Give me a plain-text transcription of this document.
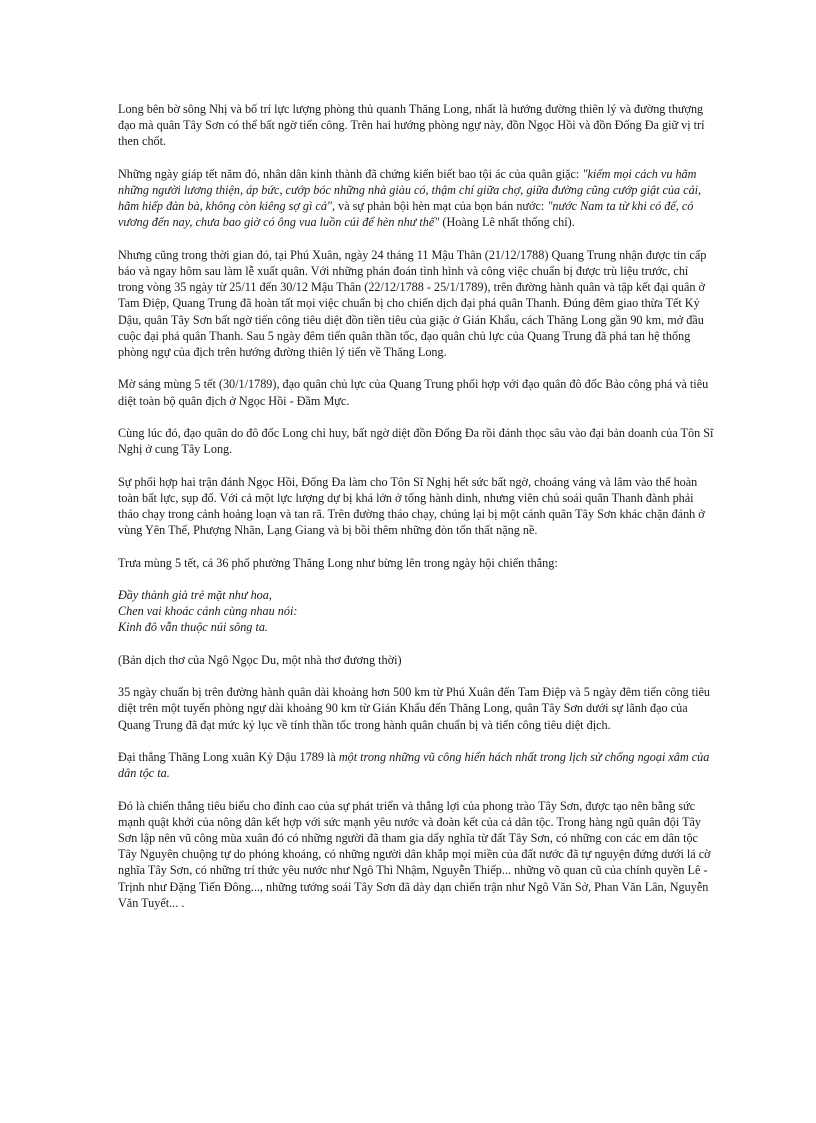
Long bên bờ sông Nhị và bố trí lực lượng phòng thủ quanh Thăng Long, nhất là hướng đường thiên lý và đường thượng đạo mà quân Tây Sơn có thể bất ngờ tiến công. Trên hai hướng phòng ngự này, đồn Ngọc Hồi và đồn Đống Đa giữ vị trí then chốt.

Những ngày giáp tết năm đó, nhân dân kinh thành đã chứng kiến biết bao tội ác của quân giặc: "kiếm mọi cách vu hãm những người lương thiện, áp bức, cướp bóc những nhà giàu có, thậm chí giữa chợ, giữa đường cũng cướp giật của cải, hãm hiếp đàn bà, không còn kiêng sợ gì cả", và sự phản bội hèn mạt của bọn bán nước: "nước Nam ta từ khi có đế, có vương đến nay, chưa bao giờ có ông vua luồn cúi để hèn như thế" (Hoàng Lê nhất thống chí).

Nhưng cũng trong thời gian đó, tại Phú Xuân, ngày 24 tháng 11 Mậu Thân (21/12/1788) Quang Trung nhận được tin cấp báo và ngay hôm sau làm lễ xuất quân. Với những phán đoán tình hình và công việc chuẩn bị được trù liệu trước, chỉ trong vòng 35 ngày từ 25/11 đến 30/12 Mậu Thân (22/12/1788 - 25/1/1789), trên đường hành quân và tập kết đại quân ở Tam Điệp, Quang Trung đã hoàn tất mọi việc chuẩn bị cho chiến dịch đại phá quân Thanh. Đúng đêm giao thừa Tết Kỷ Dậu, quân Tây Sơn bất ngờ tiến công tiêu diệt đồn tiền tiêu của giặc ở Gián Khẩu, cách Thăng Long gần 90 km, mở đầu cuộc đại phá quân Thanh. Sau 5 ngày đêm tiến quân thần tốc, đạo quân chủ lực của Quang Trung đã phá tan hệ thống phòng ngự của địch trên hướng đường thiên lý tiến về Thăng Long.

Mờ sáng mùng 5 tết (30/1/1789), đạo quân chủ lực của Quang Trung phối hợp với đạo quân đô đốc Bảo công phá và tiêu diệt toàn bộ quân địch ở Ngọc Hồi - Đầm Mực.

Cùng lúc đó, đạo quân do đô đốc Long chỉ huy, bất ngờ diệt đồn Đống Đa rồi đánh thọc sâu vào đại bản doanh của Tôn Sĩ Nghị ở cung Tây Long.

Sự phối hợp hai trận đánh Ngọc Hồi, Đống Đa làm cho Tôn Sĩ Nghị hết sức bất ngờ, choáng váng và lâm vào thế hoàn toàn bất lực, sụp đổ. Với cả một lực lượng dự bị khá lớn ở tổng hành dinh, nhưng viên chủ soái quân Thanh đành phải tháo chạy trong cảnh hoảng loạn và tan rã. Trên đường tháo chạy, chúng lại bị một cánh quân Tây Sơn khác chặn đánh ở vùng Yên Thế, Phượng Nhãn, Lạng Giang và bị bồi thêm những đòn tổn thất nặng nề.

Trưa mùng 5 tết, cả 36 phố phường Thăng Long như bừng lên trong ngày hội chiến thắng:

Đầy thành già trẻ mặt như hoa,
Chen vai khoác cánh cùng nhau nói:
Kinh đô vẫn thuộc núi sông ta.

(Bản dịch thơ của Ngô Ngọc Du, một nhà thơ đương thời)

35 ngày chuẩn bị trên đường hành quân dài khoảng hơn 500 km từ Phú Xuân đến Tam Điệp và 5 ngày đêm tiến công tiêu diệt trên một tuyến phòng ngự dài khoảng 90 km từ Gián Khẩu đến Thăng Long, quân Tây Sơn dưới sự lãnh đạo của Quang Trung đã đạt mức kỷ lục về tính thần tốc trong hành quân chuẩn bị và tiến công tiêu diệt địch.

Đại thắng Thăng Long xuân Kỷ Dậu 1789 là một trong những vũ công hiển hách nhất trong lịch sử chống ngoại xâm của dân tộc ta.

Đó là chiến thắng tiêu biểu cho đỉnh cao của sự phát triển và thắng lợi của phong trào Tây Sơn, được tạo nên bằng sức mạnh quật khởi của nông dân kết hợp với sức mạnh yêu nước và đoàn kết của cả dân tộc. Trong hàng ngũ quân đội Tây Sơn lập nên vũ công mùa xuân đó có những người đã tham gia dấy nghĩa từ đất Tây Sơn, có những con các em dân tộc Tây Nguyên chuộng tự do phóng khoáng, có những người dân khắp mọi miền của đất nước đã tự nguyện đứng dưới lá cờ nghĩa Tây Sơn, có những trí thức yêu nước như Ngô Thì Nhậm, Nguyễn Thiếp... những võ quan cũ của chính quyền Lê - Trịnh như Đặng Tiến Đông..., những tướng soái Tây Sơn đã dày dạn chiến trận như Ngô Văn Sở, Phan Văn Lân, Nguyễn Văn Tuyết... .
